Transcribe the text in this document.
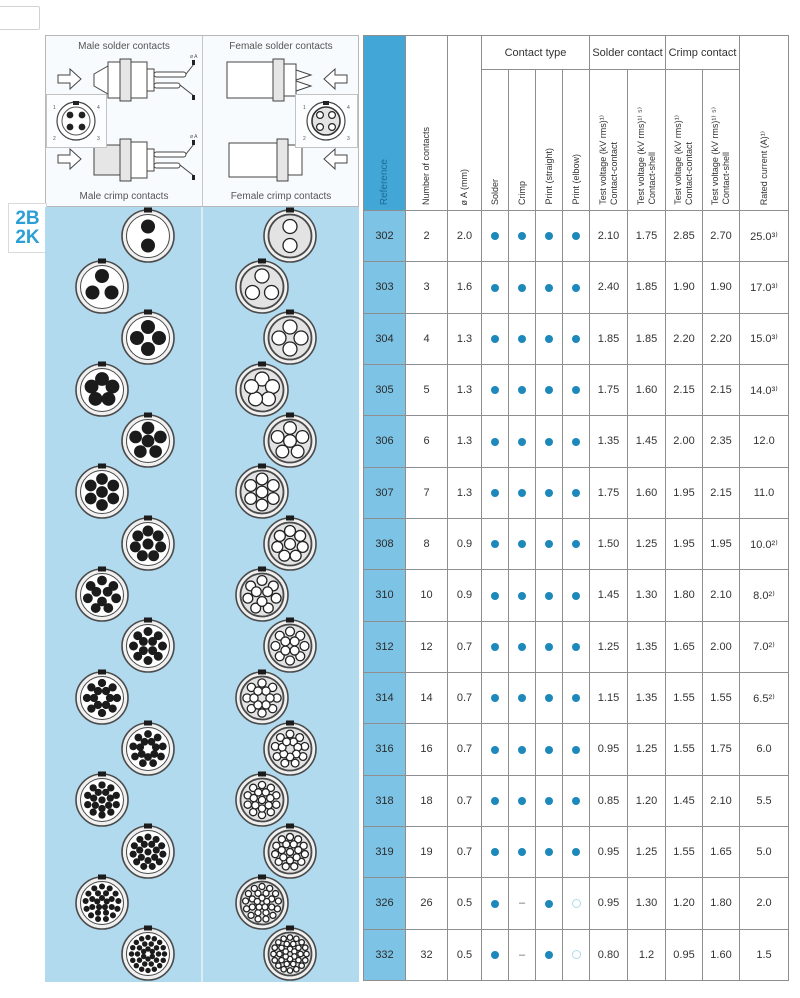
Male solder contacts	Female solder contacts
Male crimp contacts	Female crimp contacts
ø A
ø A
1	4
2	3
1	4
2	3
2B
2K
Reference	Number of contacts	ø A (mm)	Contact type				Solder contact		Crimp contact		Rated current (A)¹⁾

			Solder	Crimp	Print (straight)	Print (elbow)	Test voltage (kV rms)¹⁾ Contact-contact	Test voltage (kV rms)¹⁾ ⁵⁾ Contact-shell	Test voltage (kV rms)¹⁾ Contact-contact	Test voltage (kV rms)¹⁾ ⁵⁾ Contact-shell	

302	2	2.0					2.10	1.75	2.85	2.70	25.0³⁾
303	3	1.6					2.40	1.85	1.90	1.90	17.0³⁾
304	4	1.3					1.85	1.85	2.20	2.20	15.0³⁾
305	5	1.3					1.75	1.60	2.15	2.15	14.0³⁾
306	6	1.3					1.35	1.45	2.00	2.35	12.0
307	7	1.3					1.75	1.60	1.95	2.15	11.0
308	8	0.9					1.50	1.25	1.95	1.95	10.0²⁾
310	10	0.9					1.45	1.30	1.80	2.10	8.0²⁾
312	12	0.7					1.25	1.35	1.65	2.00	7.0²⁾
314	14	0.7					1.15	1.35	1.55	1.55	6.5²⁾
316	16	0.7					0.95	1.25	1.55	1.75	6.0
318	18	0.7					0.85	1.20	1.45	2.10	5.5
319	19	0.7					0.95	1.25	1.55	1.65	5.0
326	26	0.5		–			0.95	1.30	1.20	1.80	2.0
332	32	0.5		–			0.80	1.2	0.95	1.60	1.5
